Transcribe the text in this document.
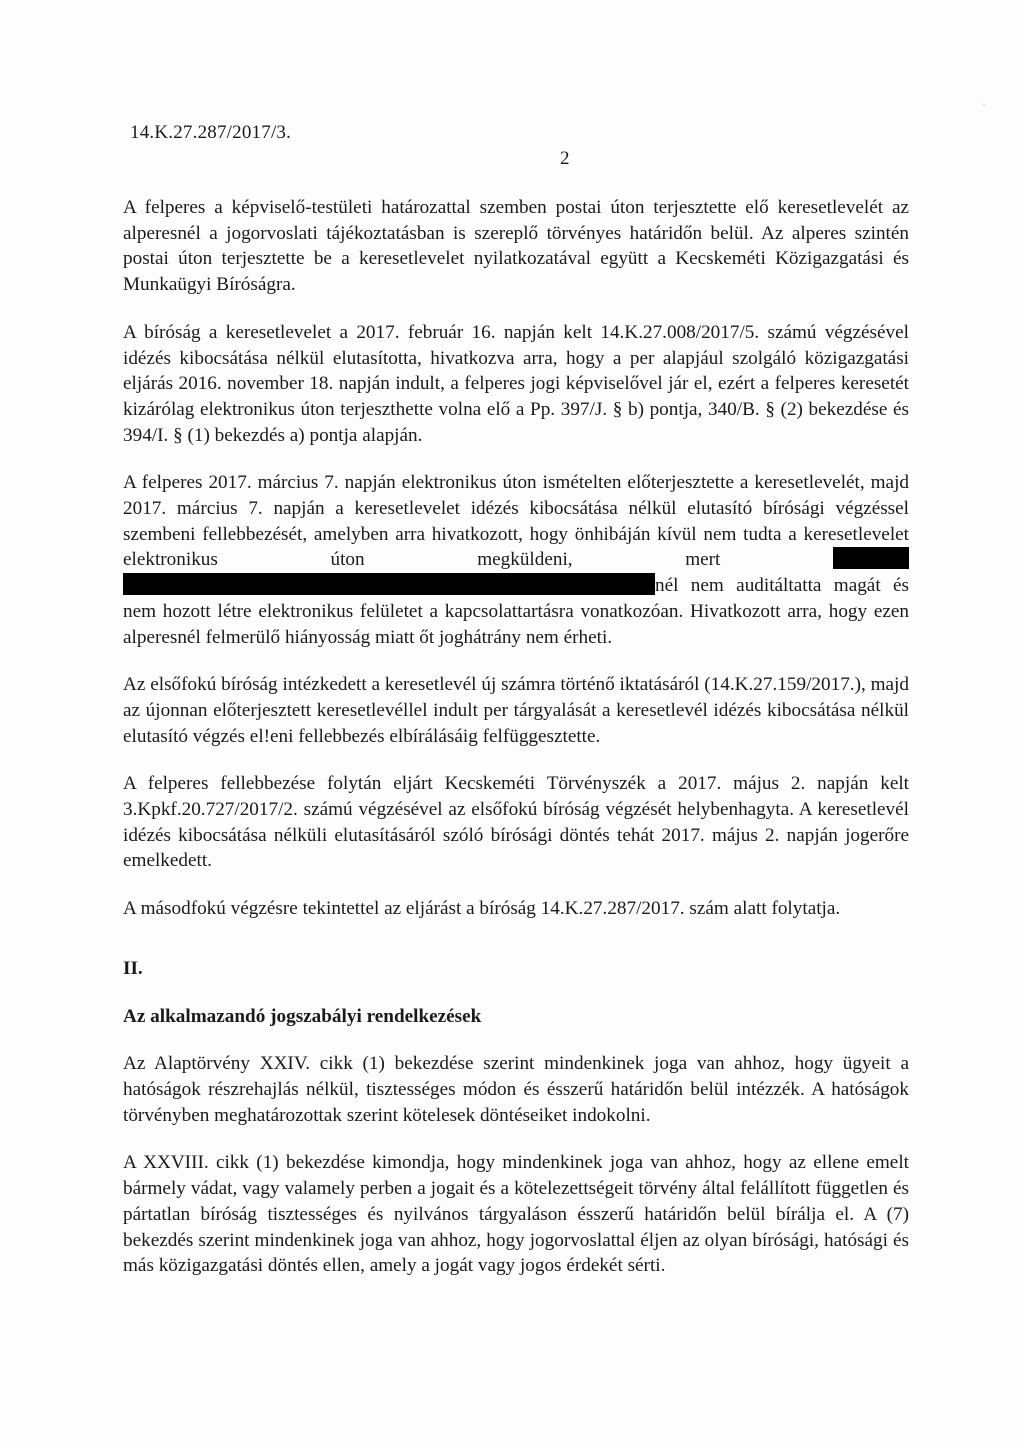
14.K.27.287/2017/3.
2
ˎ

A felperes a képviselő-testületi határozattal szemben postai úton terjesztette elő keresetlevelét az alperesnél a jogorvoslati tájékoztatásban is szereplő törvényes határidőn belül. Az alperes szintén postai úton terjesztette be a keresetlevelet nyilatkozatával együtt a Kecskeméti Közigazgatási és Munkaügyi Bíróságra.

A bíróság a keresetlevelet a 2017. február 16. napján kelt 14.K.27.008/2017/5. számú végzésével idézés kibocsátása nélkül elutasította, hivatkozva arra, hogy a per alapjául szolgáló közigazgatási eljárás 2016. november 18. napján indult, a felperes jogi képviselővel jár el, ezért a felperes keresetét kizárólag elektronikus úton terjeszthette volna elő a Pp. 397/J. § b) pontja, 340/B. § (2) bekezdése és 394/I. § (1) bekezdés a) pontja alapján.

A felperes 2017. március 7. napján elektronikus úton ismételten előterjesztette a keresetlevelét, majd 2017. március 7. napján a keresetlevelet idézés kibocsátása nélkül elutasító bírósági végzéssel szembeni fellebbezését, amelyben arra hivatkozott, hogy önhibáján kívül nem tudta a keresetlevelet elektronikus úton megküldeni, mert  nél nem auditáltatta magát és nem hozott létre elektronikus felületet a kapcsolattartásra vonatkozóan. Hivatkozott arra, hogy ezen alperesnél felmerülő hiányosság miatt őt joghátrány nem érheti.

Az elsőfokú bíróság intézkedett a keresetlevél új számra történő iktatásáról (14.K.27.159/2017.), majd az újonnan előterjesztett keresetlevéllel indult per tárgyalását a keresetlevél idézés kibocsátása nélkül elutasító végzés el!eni fellebbezés elbírálásáig felfüggesztette.

A felperes fellebbezése folytán eljárt Kecskeméti Törvényszék a 2017. május 2. napján kelt 3.Kpkf.20.727/2017/2. számú végzésével az elsőfokú bíróság végzését helybenhagyta. A keresetlevél idézés kibocsátása nélküli elutasításáról szóló bírósági döntés tehát 2017. május 2. napján jogerőre emelkedett.

A másodfokú végzésre tekintettel az eljárást a bíróság 14.K.27.287/2017. szám alatt folytatja.

II.

Az alkalmazandó jogszabályi rendelkezések

Az Alaptörvény XXIV. cikk (1) bekezdése szerint mindenkinek joga van ahhoz, hogy ügyeit a hatóságok részrehajlás nélkül, tisztességes módon és ésszerű határidőn belül intézzék. A hatóságok törvényben meghatározottak szerint kötelesek döntéseiket indokolni.

A XXVIII. cikk (1) bekezdése kimondja, hogy mindenkinek joga van ahhoz, hogy az ellene emelt bármely vádat, vagy valamely perben a jogait és a kötelezettségeit törvény által felállított független és pártatlan bíróság tisztességes és nyilvános tárgyaláson ésszerű határidőn belül bírálja el. A (7) bekezdés szerint mindenkinek joga van ahhoz, hogy jogorvoslattal éljen az olyan bírósági, hatósági és más közigazgatási döntés ellen, amely a jogát vagy jogos érdekét sérti.
